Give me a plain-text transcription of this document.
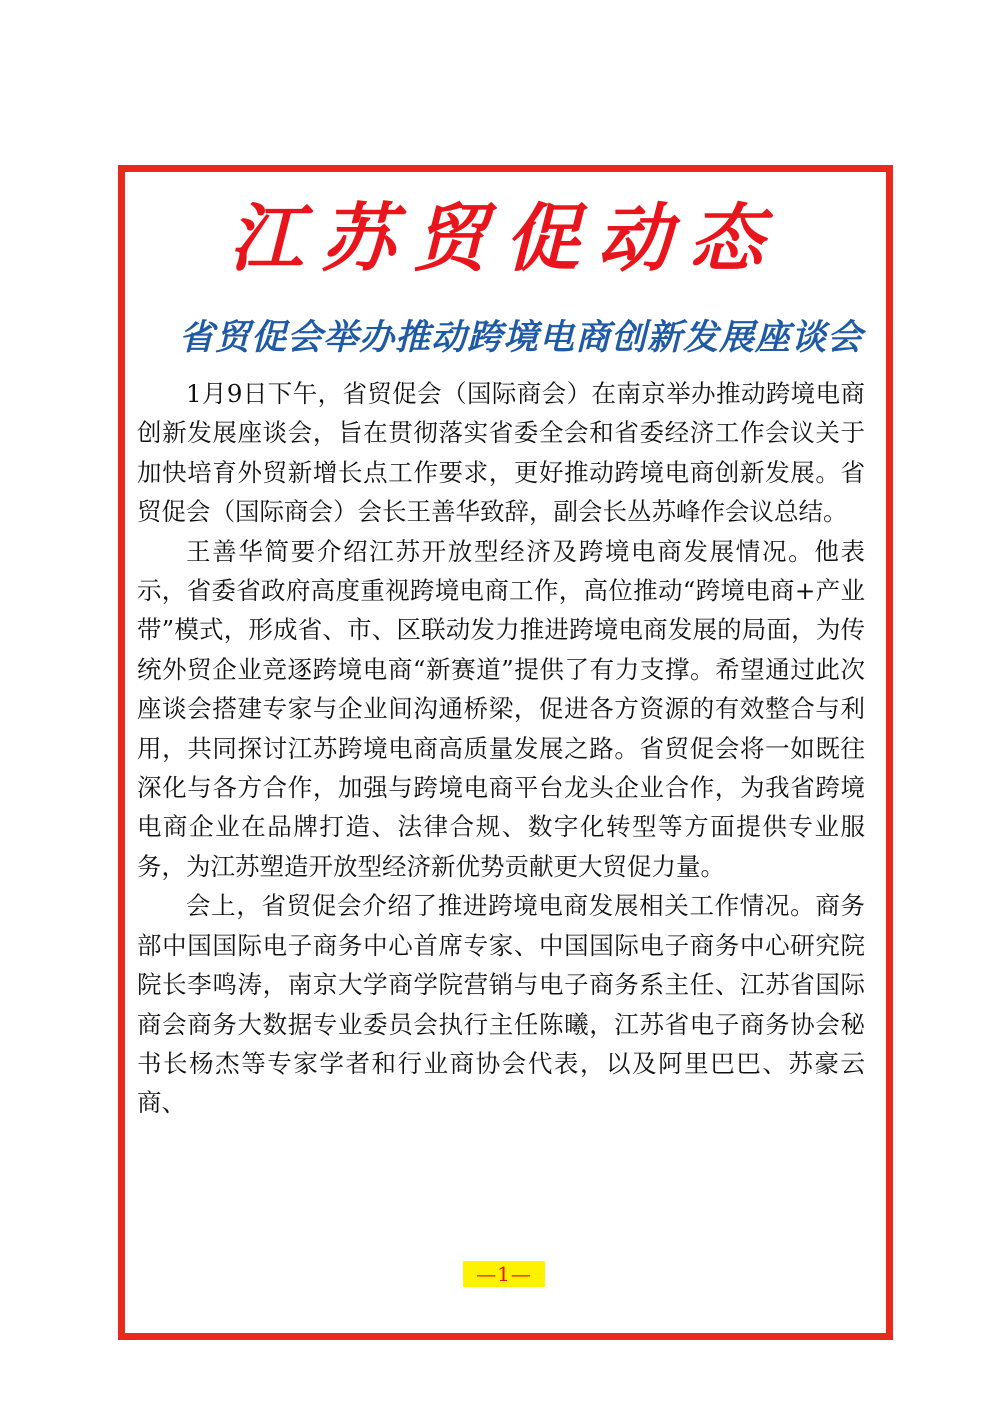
江苏贸促动态
省贸促会举办推动跨境电商创新发展座谈会

1月9日下午，省贸促会（国际商会）在南京举办推动跨境电商创新发展座谈会，旨在贯彻落实省委全会和省委经济工作会议关于加快培育外贸新增长点工作要求，更好推动跨境电商创新发展。省贸促会（国际商会）会长王善华致辞，副会长丛苏峰作会议总结。

王善华简要介绍江苏开放型经济及跨境电商发展情况。他表示，省委省政府高度重视跨境电商工作，高位推动“跨境电商+产业带”模式，形成省、市、区联动发力推进跨境电商发展的局面，为传统外贸企业竞逐跨境电商“新赛道”提供了有力支撑。希望通过此次座谈会搭建专家与企业间沟通桥梁，促进各方资源的有效整合与利用，共同探讨江苏跨境电商高质量发展之路。省贸促会将一如既往深化与各方合作，加强与跨境电商平台龙头企业合作，为我省跨境电商企业在品牌打造、法律合规、数字化转型等方面提供专业服务，为江苏塑造开放型经济新优势贡献更大贸促力量。

会上，省贸促会介绍了推进跨境电商发展相关工作情况。商务部中国国际电子商务中心首席专家、中国国际电子商务中心研究院院长李鸣涛，南京大学商学院营销与电子商务系主任、江苏省国际商会商务大数据专业委员会执行主任陈曦，江苏省电子商务协会秘书长杨杰等专家学者和行业商协会代表，以及阿里巴巴、苏豪云商、

—1—
